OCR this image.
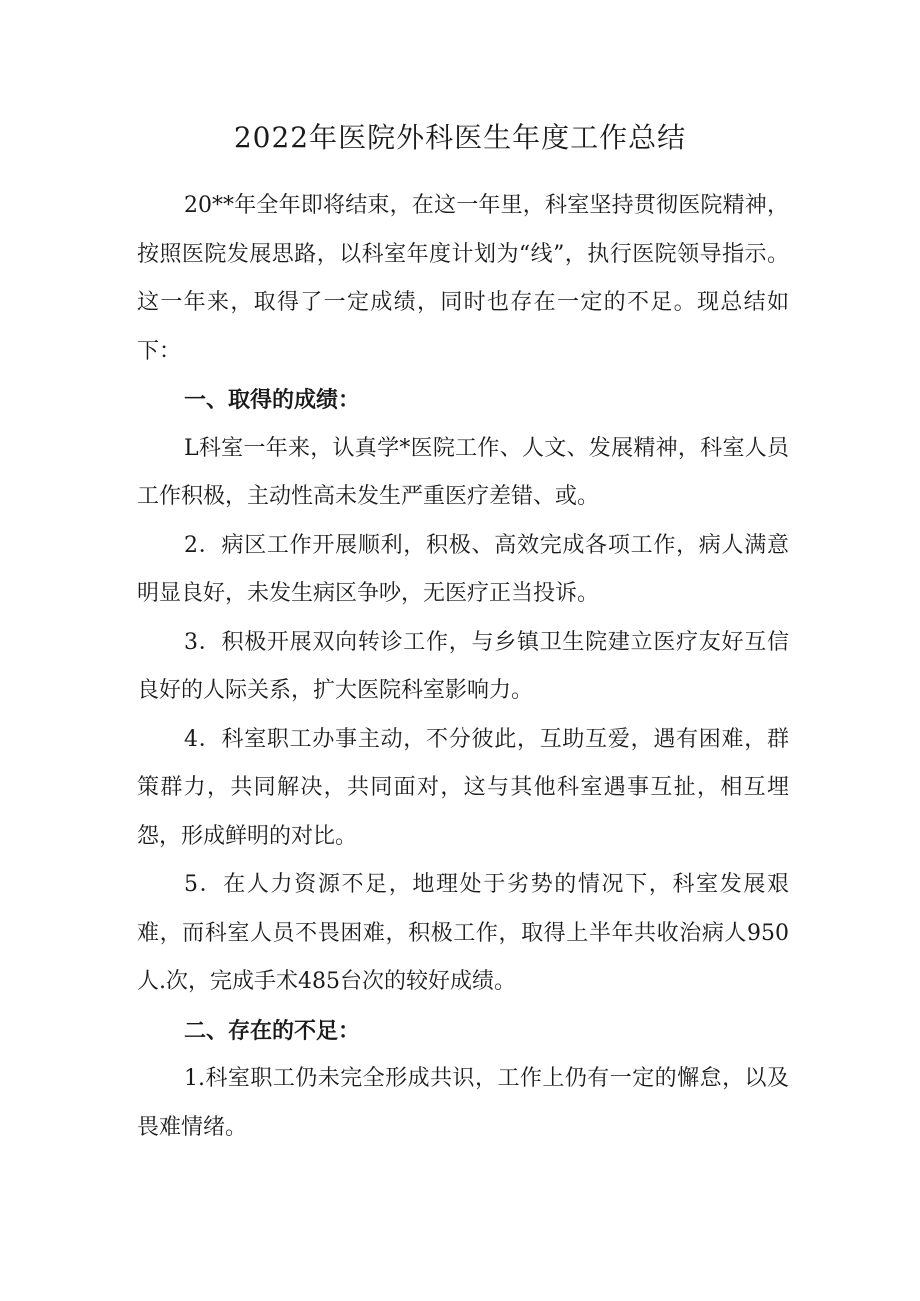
2022年医院外科医生年度工作总结

20**年全年即将结束，在这一年里，科室坚持贯彻医院精神，按照医院发展思路，以科室年度计划为“线”，执行医院领导指示。这一年来，取得了一定成绩，同时也存在一定的不足。现总结如下：

一、取得的成绩：

L科室一年来，认真学*医院工作、人文、发展精神，科室人员工作积极，主动性高未发生严重医疗差错、或。

2．病区工作开展顺利，积极、高效完成各项工作，病人满意明显良好，未发生病区争吵，无医疗正当投诉。

3．积极开展双向转诊工作，与乡镇卫生院建立医疗友好互信良好的人际关系，扩大医院科室影响力。

4．科室职工办事主动，不分彼此，互助互爱，遇有困难，群策群力，共同解决，共同面对，这与其他科室遇事互扯，相互埋怨，形成鲜明的对比。

5．在人力资源不足，地理处于劣势的情况下，科室发展艰难，而科室人员不畏困难，积极工作，取得上半年共收治病人950人.次，完成手术485台次的较好成绩。

二、存在的不足：

1.科室职工仍未完全形成共识，工作上仍有一定的懈怠，以及畏难情绪。
